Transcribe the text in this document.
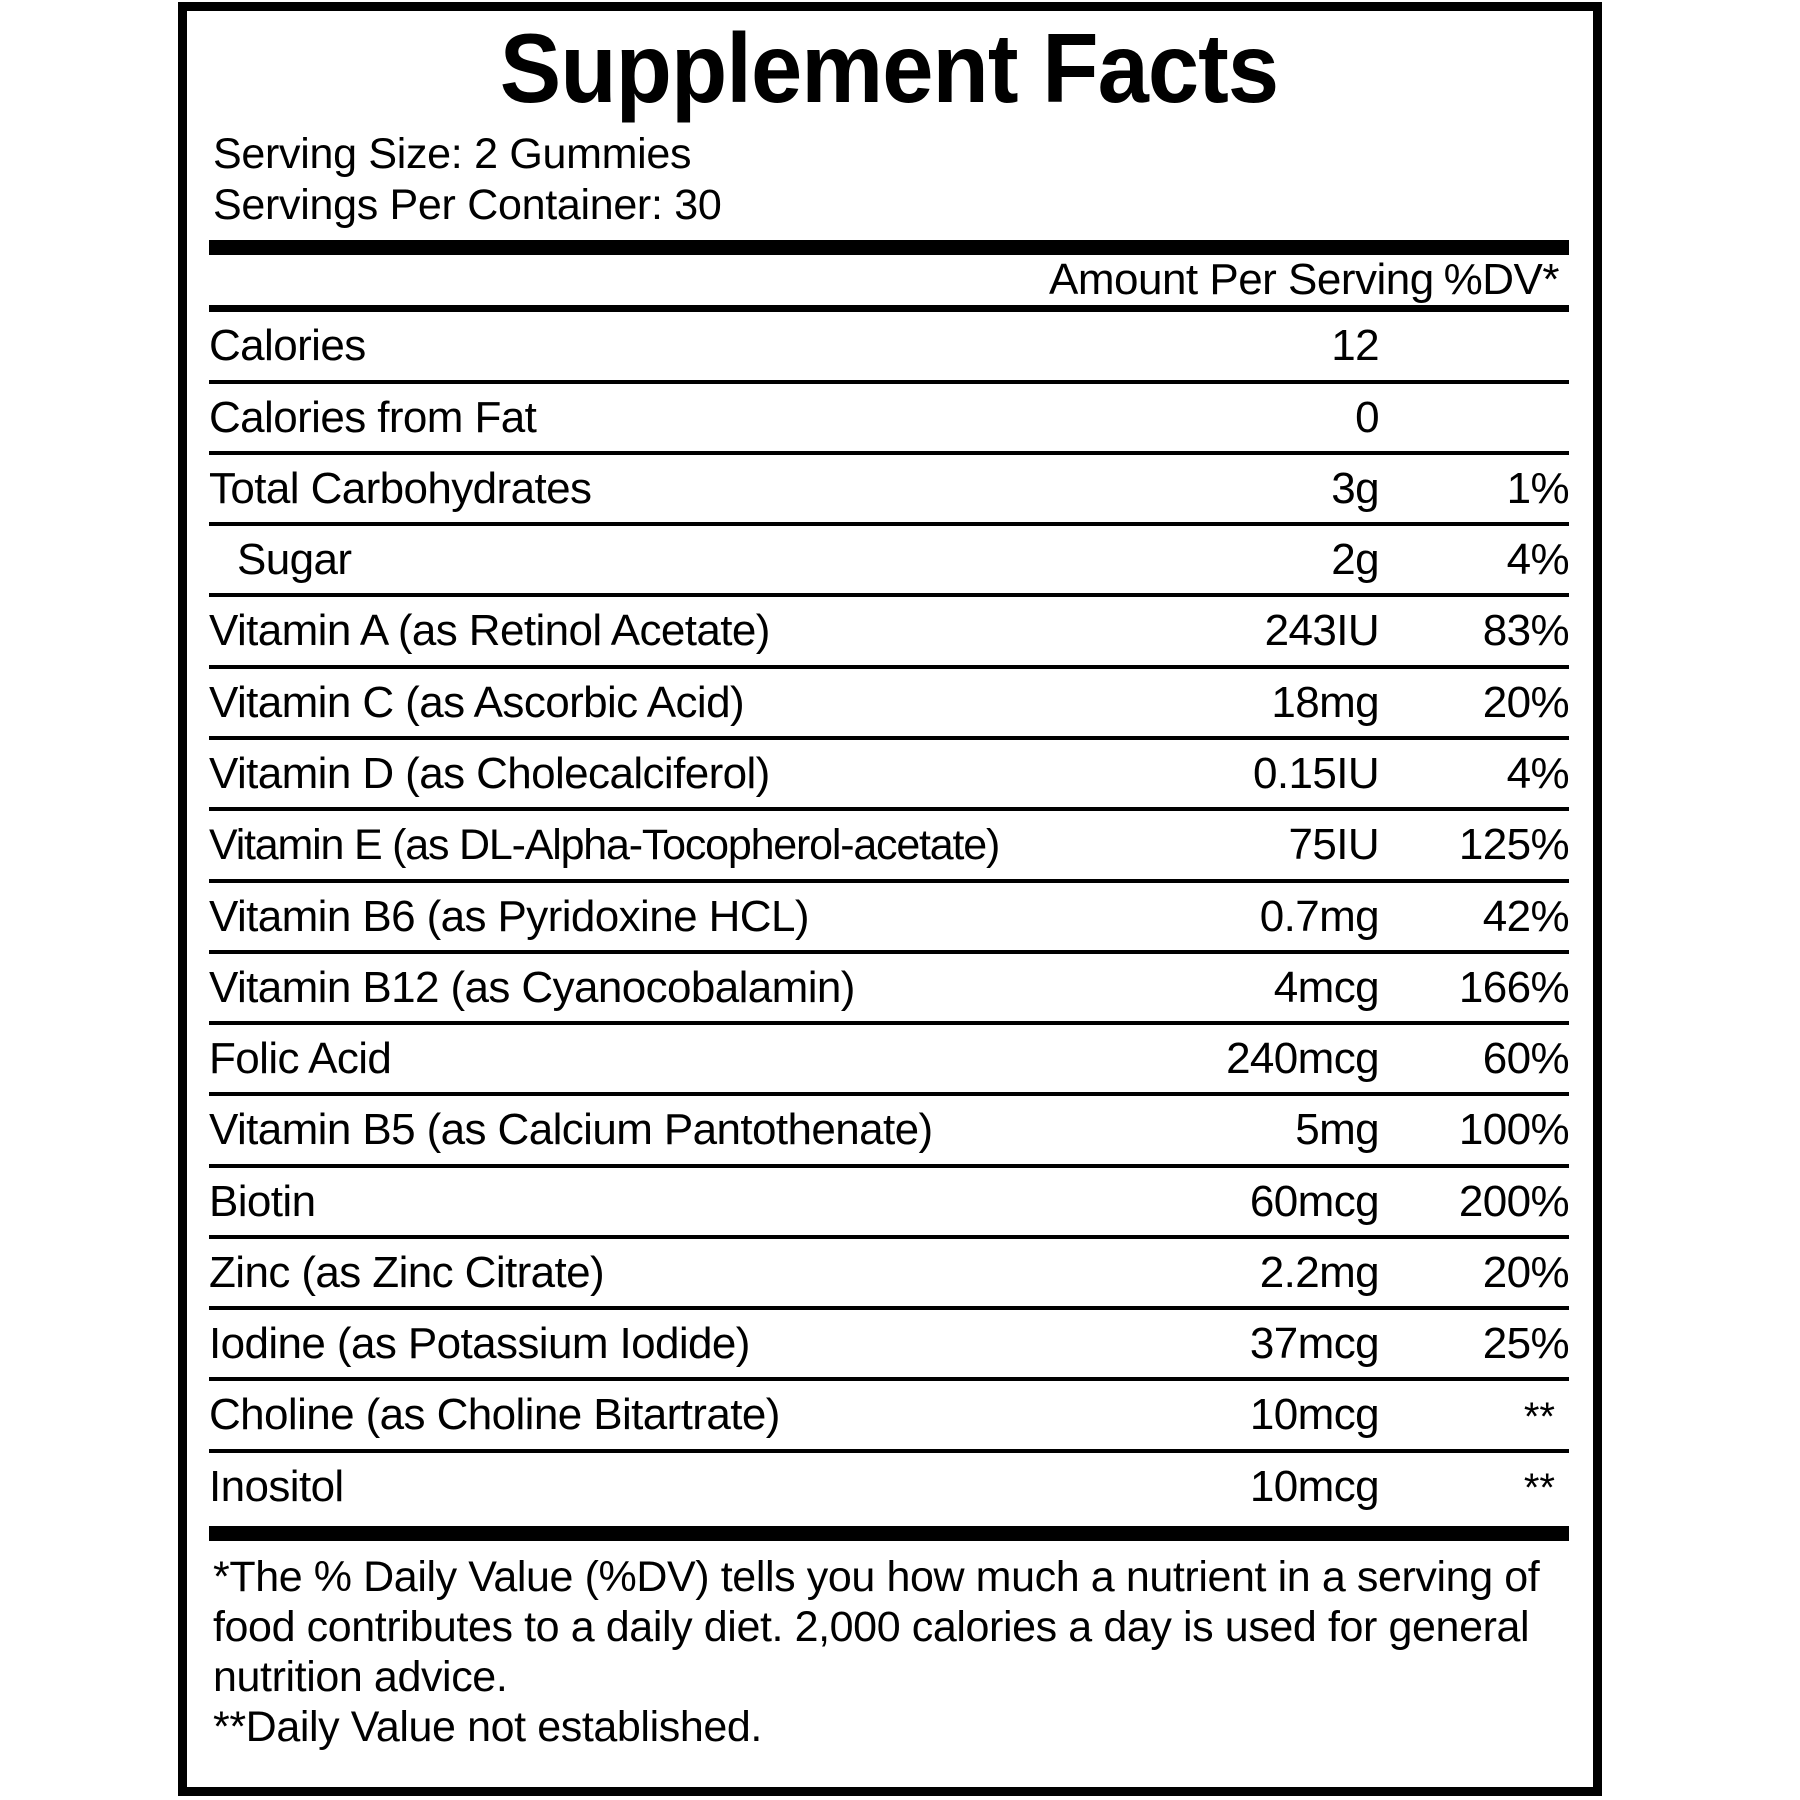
Supplement Facts
Serving Size: 2 Gummies
Servings Per Container: 30
	Amount Per Serving	%DV*
Calories	12	
Calories from Fat	0	
Total Carbohydrates	3g	1%
Sugar	2g	4%
Vitamin A (as Retinol Acetate)	243IU	83%
Vitamin C (as Ascorbic Acid)	18mg	20%
Vitamin D (as Cholecalciferol)	0.15IU	4%
Vitamin E (as DL-Alpha-Tocopherol-acetate)	75IU	125%
Vitamin B6 (as Pyridoxine HCL)	0.7mg	42%
Vitamin B12 (as Cyanocobalamin)	4mcg	166%
Folic Acid	240mcg	60%
Vitamin B5 (as Calcium Pantothenate)	5mg	100%
Biotin	60mcg	200%
Zinc (as Zinc Citrate)	2.2mg	20%
Iodine (as Potassium Iodide)	37mcg	25%
Choline (as Choline Bitartrate)	10mcg	**
Inositol	10mcg	**

*The % Daily Value (%DV) tells you how much a nutrient in a serving of food contributes to a daily diet. 2,000 calories a day is used for general nutrition advice.

**Daily Value not established.
